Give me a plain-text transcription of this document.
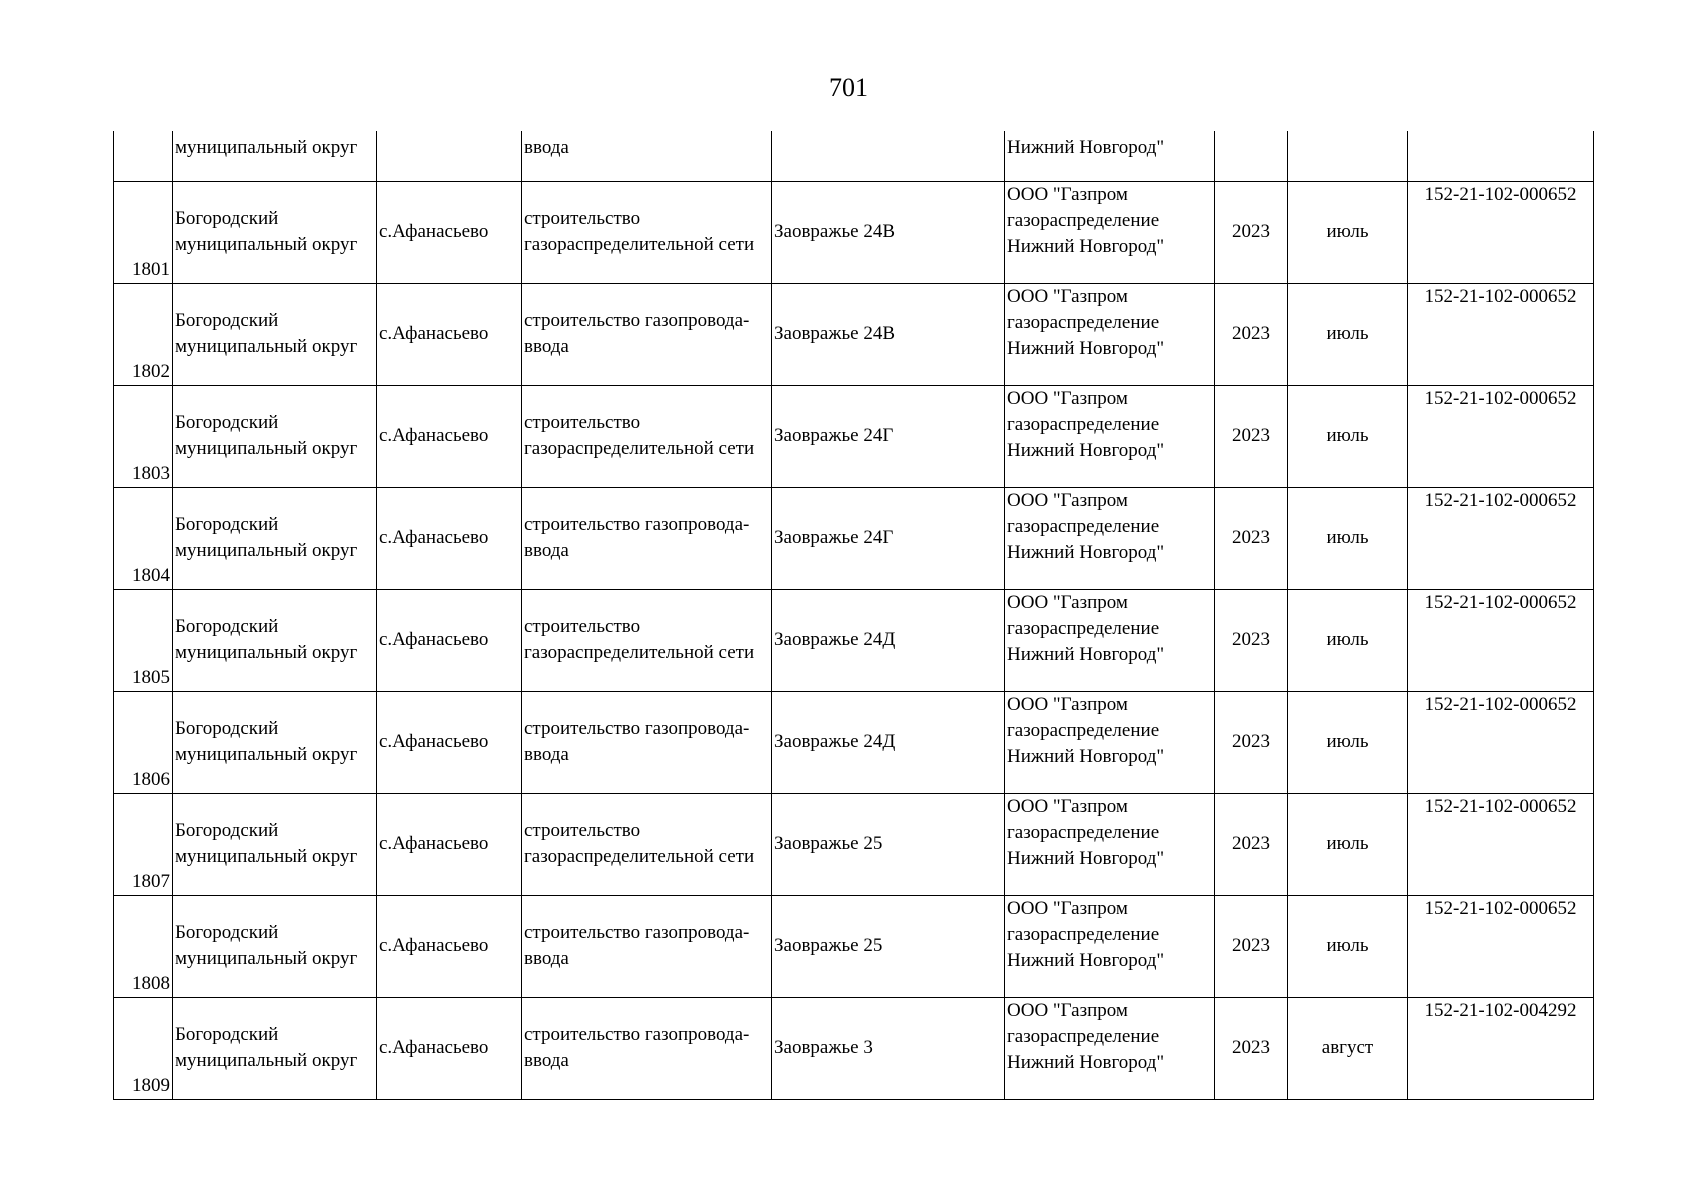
701
	муниципальный округ		ввода		Нижний Новгород"			

1801	Богородский
муниципальный округ	с.Афанасьево	строительство
газораспределительной сети	Заовражье 24В	ООО "Газпром
газораспределение
Нижний Новгород"	2023	июль	152-21-102-000652

1802	Богородский
муниципальный округ	с.Афанасьево	строительство газопровода-
ввода	Заовражье 24В	ООО "Газпром
газораспределение
Нижний Новгород"	2023	июль	152-21-102-000652

1803	Богородский
муниципальный округ	с.Афанасьево	строительство
газораспределительной сети	Заовражье 24Г	ООО "Газпром
газораспределение
Нижний Новгород"	2023	июль	152-21-102-000652

1804	Богородский
муниципальный округ	с.Афанасьево	строительство газопровода-
ввода	Заовражье 24Г	ООО "Газпром
газораспределение
Нижний Новгород"	2023	июль	152-21-102-000652

1805	Богородский
муниципальный округ	с.Афанасьево	строительство
газораспределительной сети	Заовражье 24Д	ООО "Газпром
газораспределение
Нижний Новгород"	2023	июль	152-21-102-000652

1806	Богородский
муниципальный округ	с.Афанасьево	строительство газопровода-
ввода	Заовражье 24Д	ООО "Газпром
газораспределение
Нижний Новгород"	2023	июль	152-21-102-000652

1807	Богородский
муниципальный округ	с.Афанасьево	строительство
газораспределительной сети	Заовражье 25	ООО "Газпром
газораспределение
Нижний Новгород"	2023	июль	152-21-102-000652

1808	Богородский
муниципальный округ	с.Афанасьево	строительство газопровода-
ввода	Заовражье 25	ООО "Газпром
газораспределение
Нижний Новгород"	2023	июль	152-21-102-000652

1809	Богородский
муниципальный округ	с.Афанасьево	строительство газопровода-
ввода	Заовражье 3	ООО "Газпром
газораспределение
Нижний Новгород"	2023	август	152-21-102-004292
